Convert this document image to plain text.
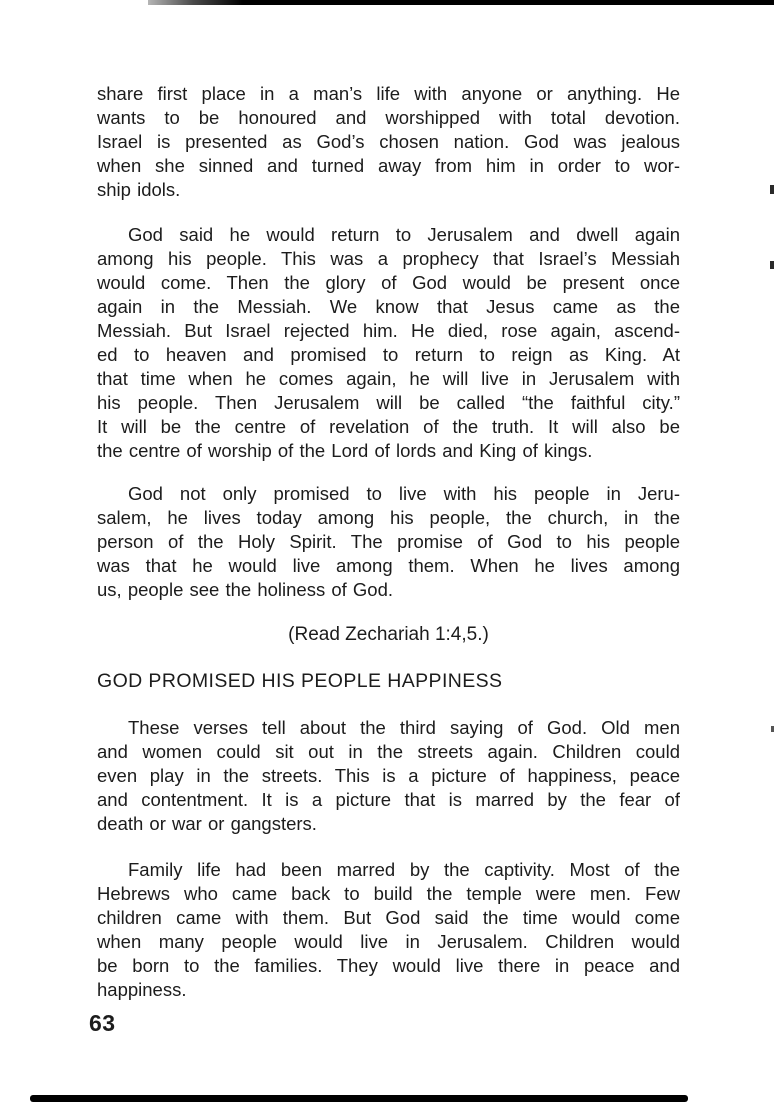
share first place in a man’s life with anyone or anything. He
wants to be honoured and worshipped with total devotion.
Israel is presented as God’s chosen nation. God was jealous
when she sinned and turned away from him in order to wor-
ship idols.
God said he would return to Jerusalem and dwell again
among his people. This was a prophecy that Israel’s Messiah
would come. Then the glory of God would be present once
again in the Messiah. We know that Jesus came as the
Messiah. But Israel rejected him. He died, rose again, ascend-
ed to heaven and promised to return to reign as King. At
that time when he comes again, he will live in Jerusalem with
his people. Then Jerusalem will be called “the faithful city.”
It will be the centre of revelation of the truth. It will also be
the centre of worship of the Lord of lords and King of kings.
God not only promised to live with his people in Jeru-
salem, he lives today among his people, the church, in the
person of the Holy Spirit. The promise of God to his people
was that he would live among them. When he lives among
us, people see the holiness of God.
(Read Zechariah 1:4,5.)
GOD PROMISED HIS PEOPLE HAPPINESS
These verses tell about the third saying of God. Old men
and women could sit out in the streets again. Children could
even play in the streets. This is a picture of happiness, peace
and contentment. It is a picture that is marred by the fear of
death or war or gangsters.
Family life had been marred by the captivity. Most of the
Hebrews who came back to build the temple were men. Few
children came with them. But God said the time would come
when many people would live in Jerusalem. Children would
be born to the families. They would live there in peace and
happiness.
63
